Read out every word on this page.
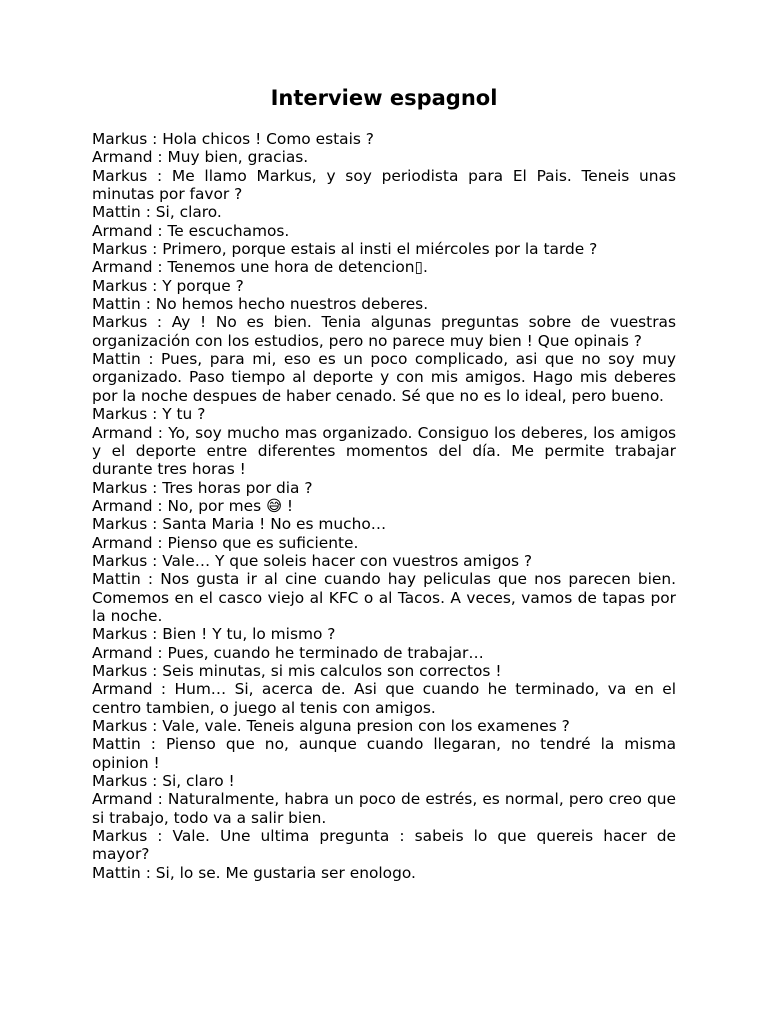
Interview espagnol

Markus : Hola chicos ! Como estais ?

Armand : Muy bien, gracias.

Markus : Me llamo Markus, y soy periodista para El Pais. Teneis unas minutas por favor ?

Mattin : Si, claro.

Armand : Te escuchamos.

Markus : Primero, porque estais al insti el miércoles por la tarde ?

Armand : Tenemos une hora de detencion▯.

Markus : Y porque ?

Mattin : No hemos hecho nuestros deberes.

Markus : Ay ! No es bien. Tenia algunas preguntas sobre de vuestras organización con los estudios, pero no parece muy bien ! Que opinais ?

Mattin : Pues, para mi, eso es un poco complicado, asi que no soy muy organizado. Paso tiempo al deporte y con mis amigos. Hago mis deberes por la noche despues de haber cenado. Sé que no es lo ideal, pero bueno.

Markus : Y tu ?

Armand : Yo, soy mucho mas organizado. Consiguo los deberes, los amigos y el deporte entre diferentes momentos del día. Me permite trabajar durante tres horas !

Markus : Tres horas por dia ?

Armand : No, por mes 😅 !

Markus : Santa Maria ! No es mucho…

Armand : Pienso que es suficiente.

Markus : Vale… Y que soleis hacer con vuestros amigos ?

Mattin : Nos gusta ir al cine cuando hay peliculas que nos parecen bien. Comemos en el casco viejo al KFC o al Tacos. A veces, vamos de tapas por la noche.

Markus : Bien ! Y tu, lo mismo ?

Armand : Pues, cuando he terminado de trabajar…

Markus : Seis minutas, si mis calculos son correctos !

Armand : Hum… Si, acerca de. Asi que cuando he terminado, va en el centro tambien, o juego al tenis con amigos.

Markus : Vale, vale. Teneis alguna presion con los examenes ?

Mattin : Pienso que no, aunque cuando llegaran, no tendré la misma opinion !

Markus : Si, claro !

Armand : Naturalmente, habra un poco de estrés, es normal, pero creo que si trabajo, todo va a salir bien.

Markus : Vale. Une ultima pregunta : sabeis lo que quereis hacer de mayor?

Mattin : Si, lo se. Me gustaria ser enologo.
